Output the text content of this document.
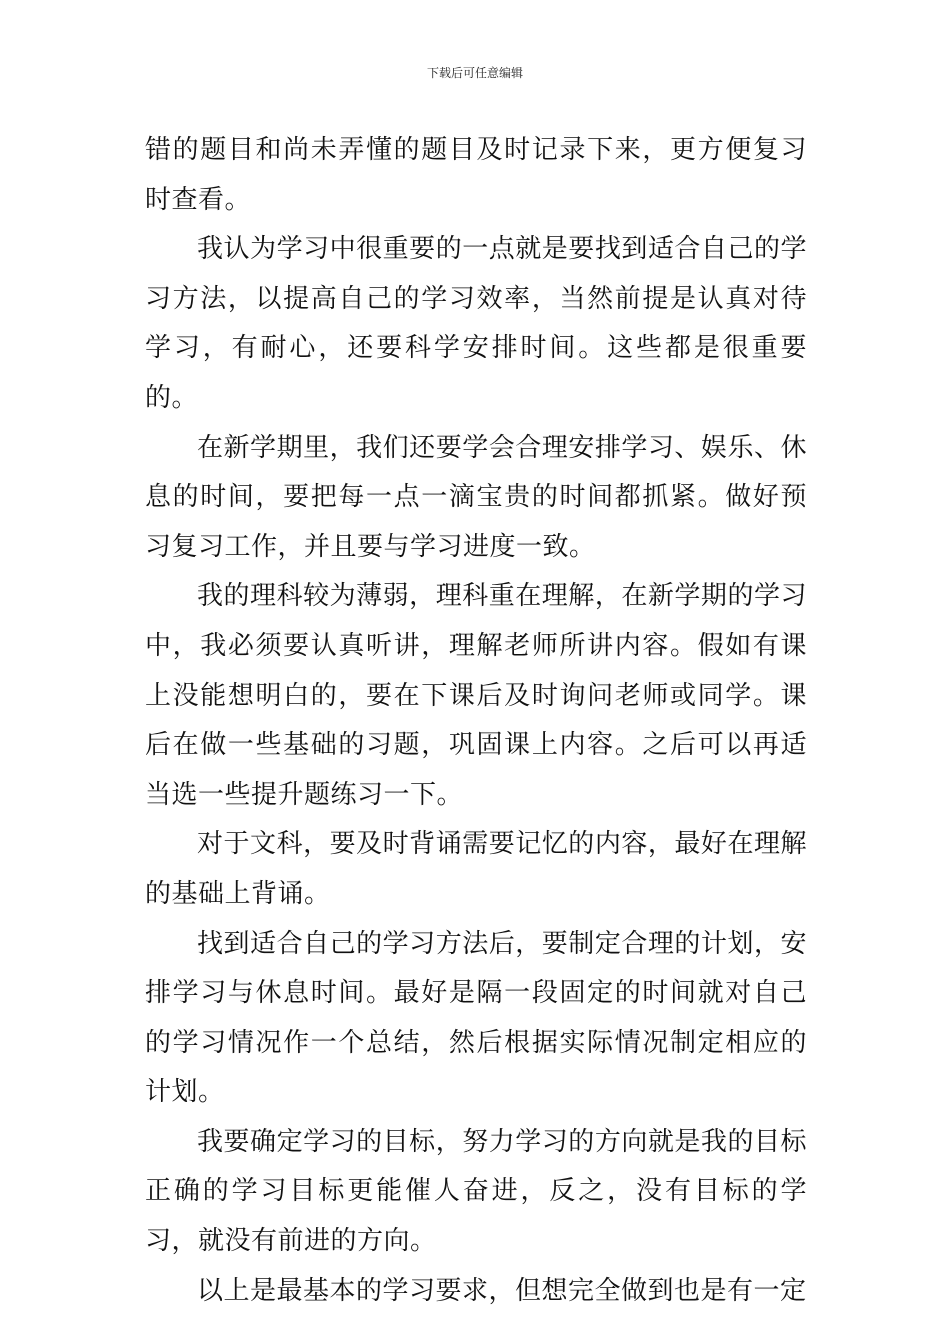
下载后可任意编辑

错的题目和尚未弄懂的题目及时记录下来，更方便复习时查看。

我认为学习中很重要的一点就是要找到适合自己的学习方法，以提高自己的学习效率，当然前提是认真对待学习，有耐心，还要科学安排时间。这些都是很重要的。

在新学期里，我们还要学会合理安排学习、娱乐、休息的时间，要把每一点一滴宝贵的时间都抓紧。做好预习复习工作，并且要与学习进度一致。

我的理科较为薄弱，理科重在理解，在新学期的学习中，我必须要认真听讲，理解老师所讲内容。假如有课上没能想明白的，要在下课后及时询问老师或同学。课后在做一些基础的习题，巩固课上内容。之后可以再适当选一些提升题练习一下。

对于文科，要及时背诵需要记忆的内容，最好在理解的基础上背诵。

找到适合自己的学习方法后，要制定合理的计划，安排学习与休息时间。最好是隔一段固定的时间就对自己的学习情况作一个总结，然后根据实际情况制定相应的计划。

我要确定学习的目标，努力学习的方向就是我的目标正确的学习目标更能催人奋进，反之，没有目标的学习，就没有前进的方向。

以上是最基本的学习要求，但想完全做到也是有一定
